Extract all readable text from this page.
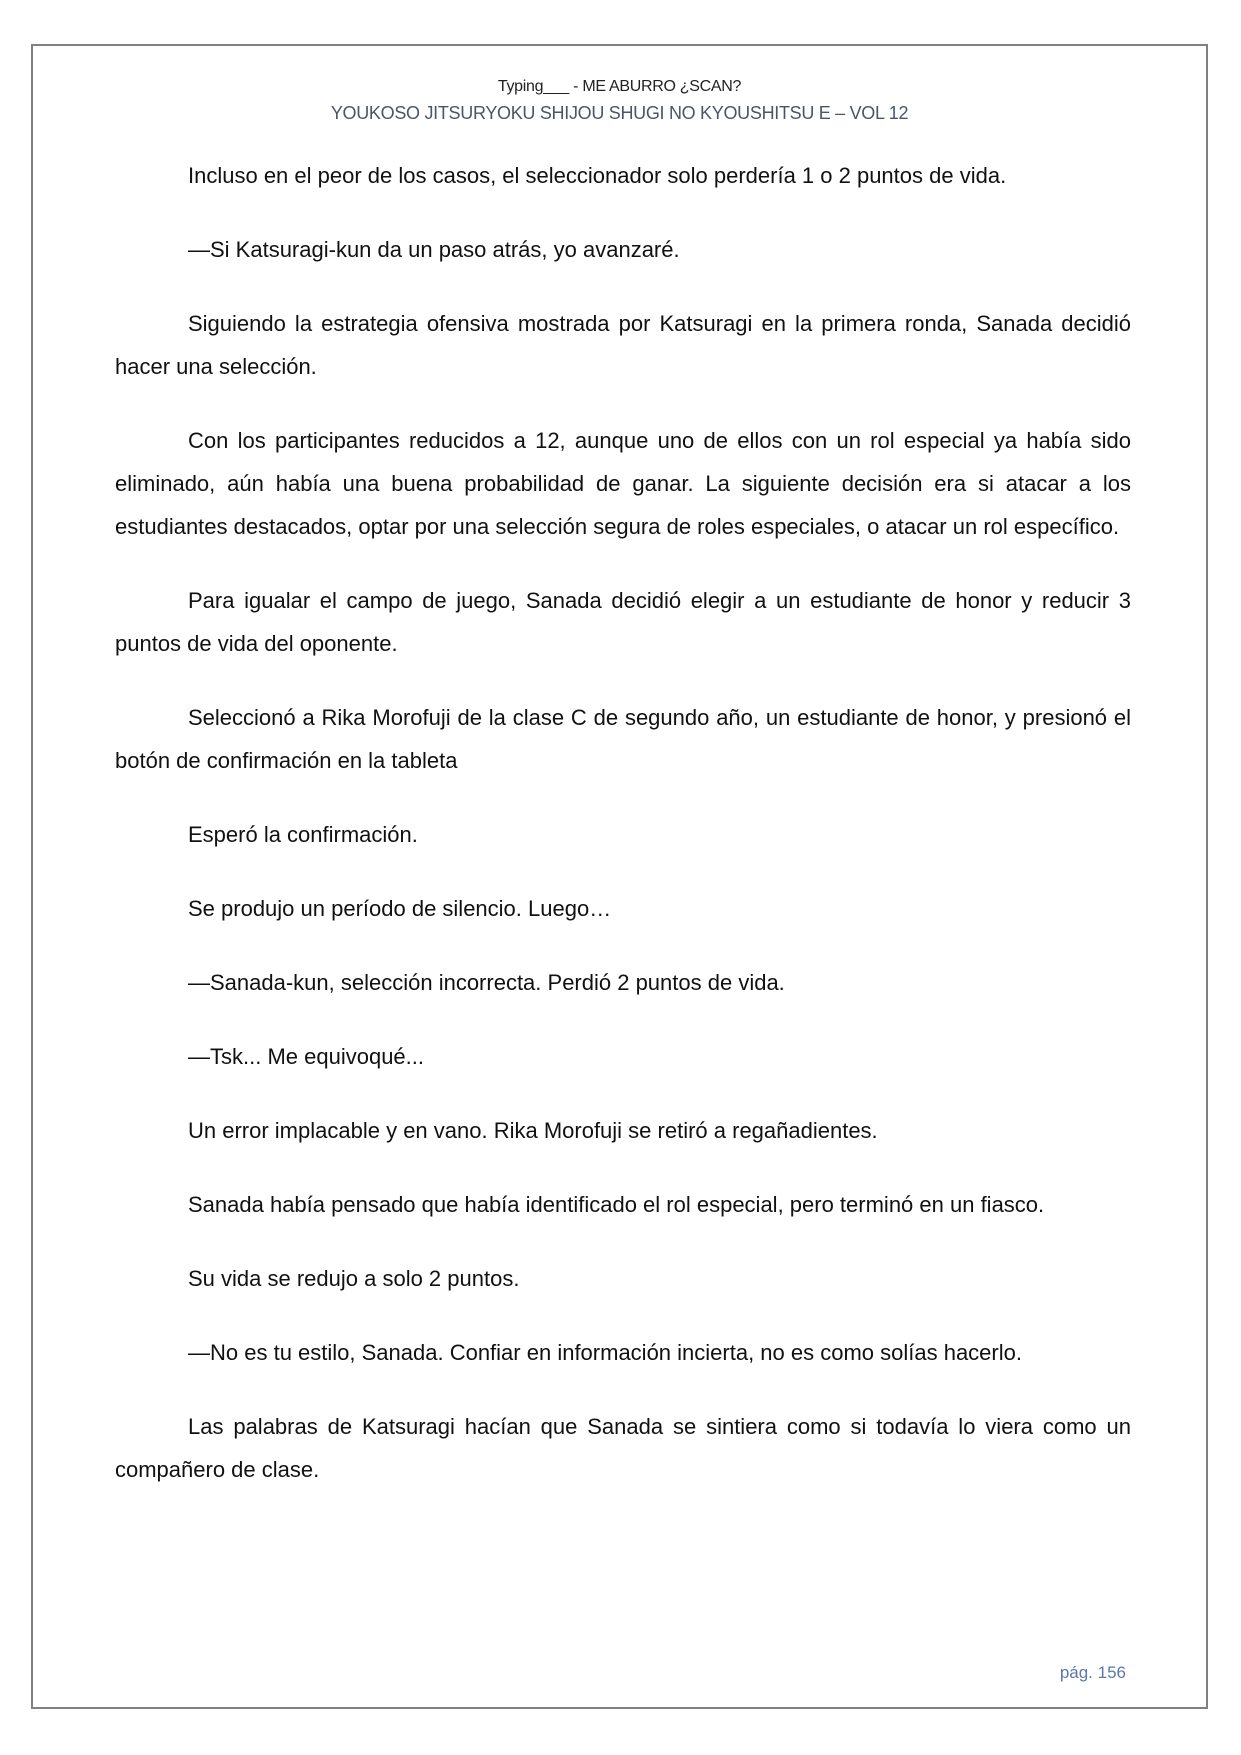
Typing___ - ME ABURRO ¿SCAN?
YOUKOSO JITSURYOKU SHIJOU SHUGI NO KYOUSHITSU E – VOL 12

Incluso en el peor de los casos, el seleccionador solo perdería 1 o 2 puntos de vida.

—Si Katsuragi-kun da un paso atrás, yo avanzaré.

Siguiendo la estrategia ofensiva mostrada por Katsuragi en la primera ronda, Sanada decidió hacer una selección.

Con los participantes reducidos a 12, aunque uno de ellos con un rol especial ya había sido eliminado, aún había una buena probabilidad de ganar. La siguiente decisión era si atacar a los estudiantes destacados, optar por una selección segura de roles especiales, o atacar un rol específico.

Para igualar el campo de juego, Sanada decidió elegir a un estudiante de honor y reducir 3 puntos de vida del oponente.

Seleccionó a Rika Morofuji de la clase C de segundo año, un estudiante de honor, y presionó el botón de confirmación en la tableta

Esperó la confirmación.

Se produjo un período de silencio. Luego…

—Sanada-kun, selección incorrecta. Perdió 2 puntos de vida.

—Tsk... Me equivoqué...

Un error implacable y en vano. Rika Morofuji se retiró a regañadientes.

Sanada había pensado que había identificado el rol especial, pero terminó en un fiasco.

Su vida se redujo a solo 2 puntos.

—No es tu estilo, Sanada. Confiar en información incierta, no es como solías hacerlo.

Las palabras de Katsuragi hacían que Sanada se sintiera como si todavía lo viera como un compañero de clase.

pág. 156
